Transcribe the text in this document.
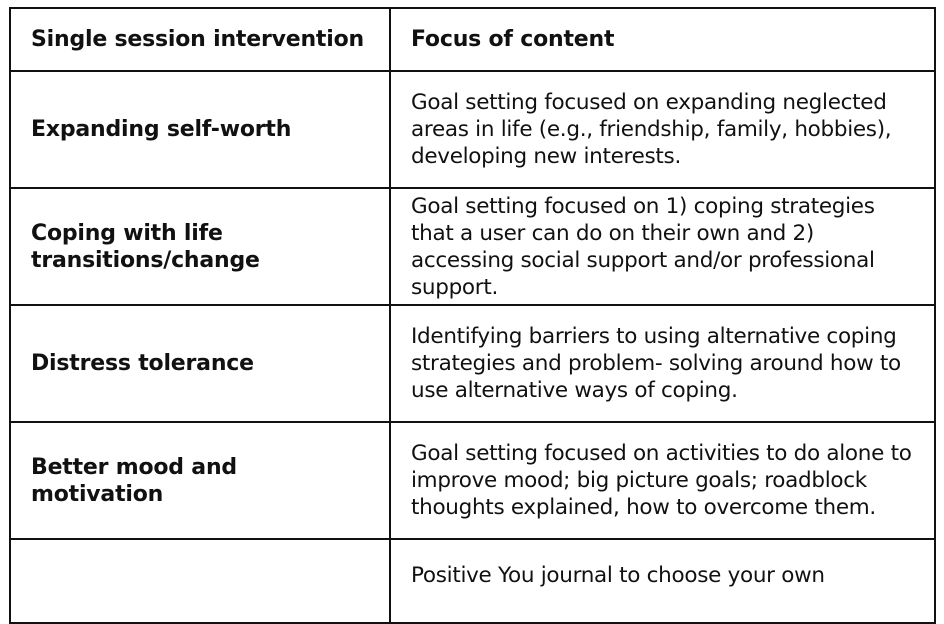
Single session intervention	Focus of content
Expanding self-worth	Goal setting focused on expanding neglected areas in life (e.g., friendship, family, hobbies), developing new interests.
Coping with life transitions/change	Goal setting focused on 1) coping strategies that a user can do on their own and 2) accessing social support and/or professional support.
Distress tolerance	Identifying barriers to using alternative coping strategies and problem- solving around how to use alternative ways of coping.
Better mood and motivation	Goal setting focused on activities to do alone to improve mood; big picture goals; roadblock thoughts explained, how to overcome them.
	Positive You journal to choose your own
